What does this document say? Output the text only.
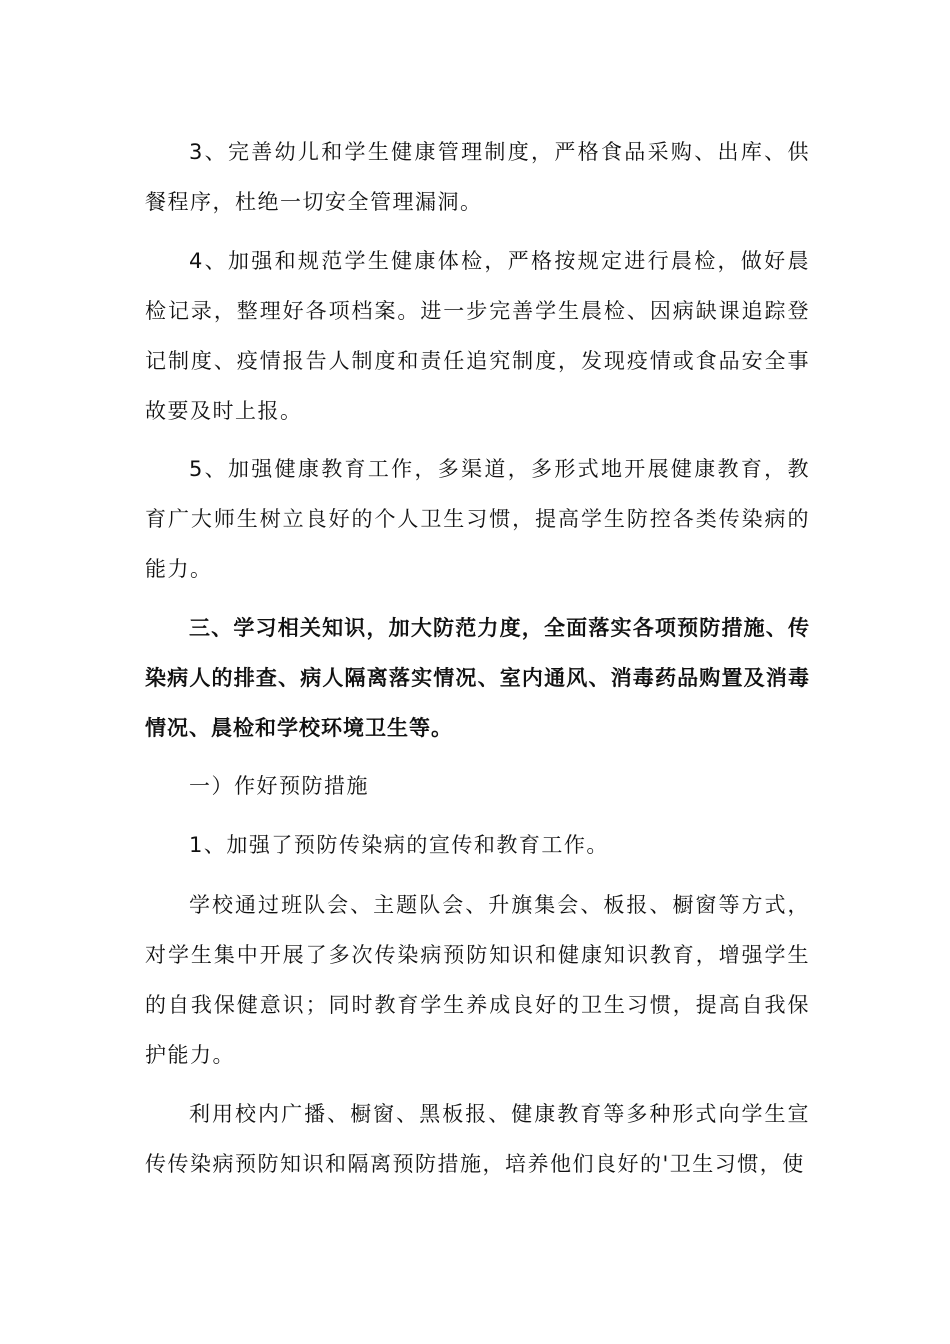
3、完善幼儿和学生健康管理制度，严格食品采购、出库、供餐程序，杜绝一切安全管理漏洞。

4、加强和规范学生健康体检，严格按规定进行晨检，做好晨检记录，整理好各项档案。进一步完善学生晨检、因病缺课追踪登记制度、疫情报告人制度和责任追究制度，发现疫情或食品安全事故要及时上报。

5、加强健康教育工作，多渠道，多形式地开展健康教育，教育广大师生树立良好的个人卫生习惯，提高学生防控各类传染病的能力。

三、学习相关知识，加大防范力度，全面落实各项预防措施、传染病人的排查、病人隔离落实情况、室内通风、消毒药品购置及消毒情况、晨检和学校环境卫生等。

一）作好预防措施

1、加强了预防传染病的宣传和教育工作。

学校通过班队会、主题队会、升旗集会、板报、橱窗等方式，对学生集中开展了多次传染病预防知识和健康知识教育，增强学生的自我保健意识；同时教育学生养成良好的卫生习惯，提高自我保护能力。

利用校内广播、橱窗、黑板报、健康教育等多种形式向学生宣传传染病预防知识和隔离预防措施，培养他们良好的'卫生习惯，使
